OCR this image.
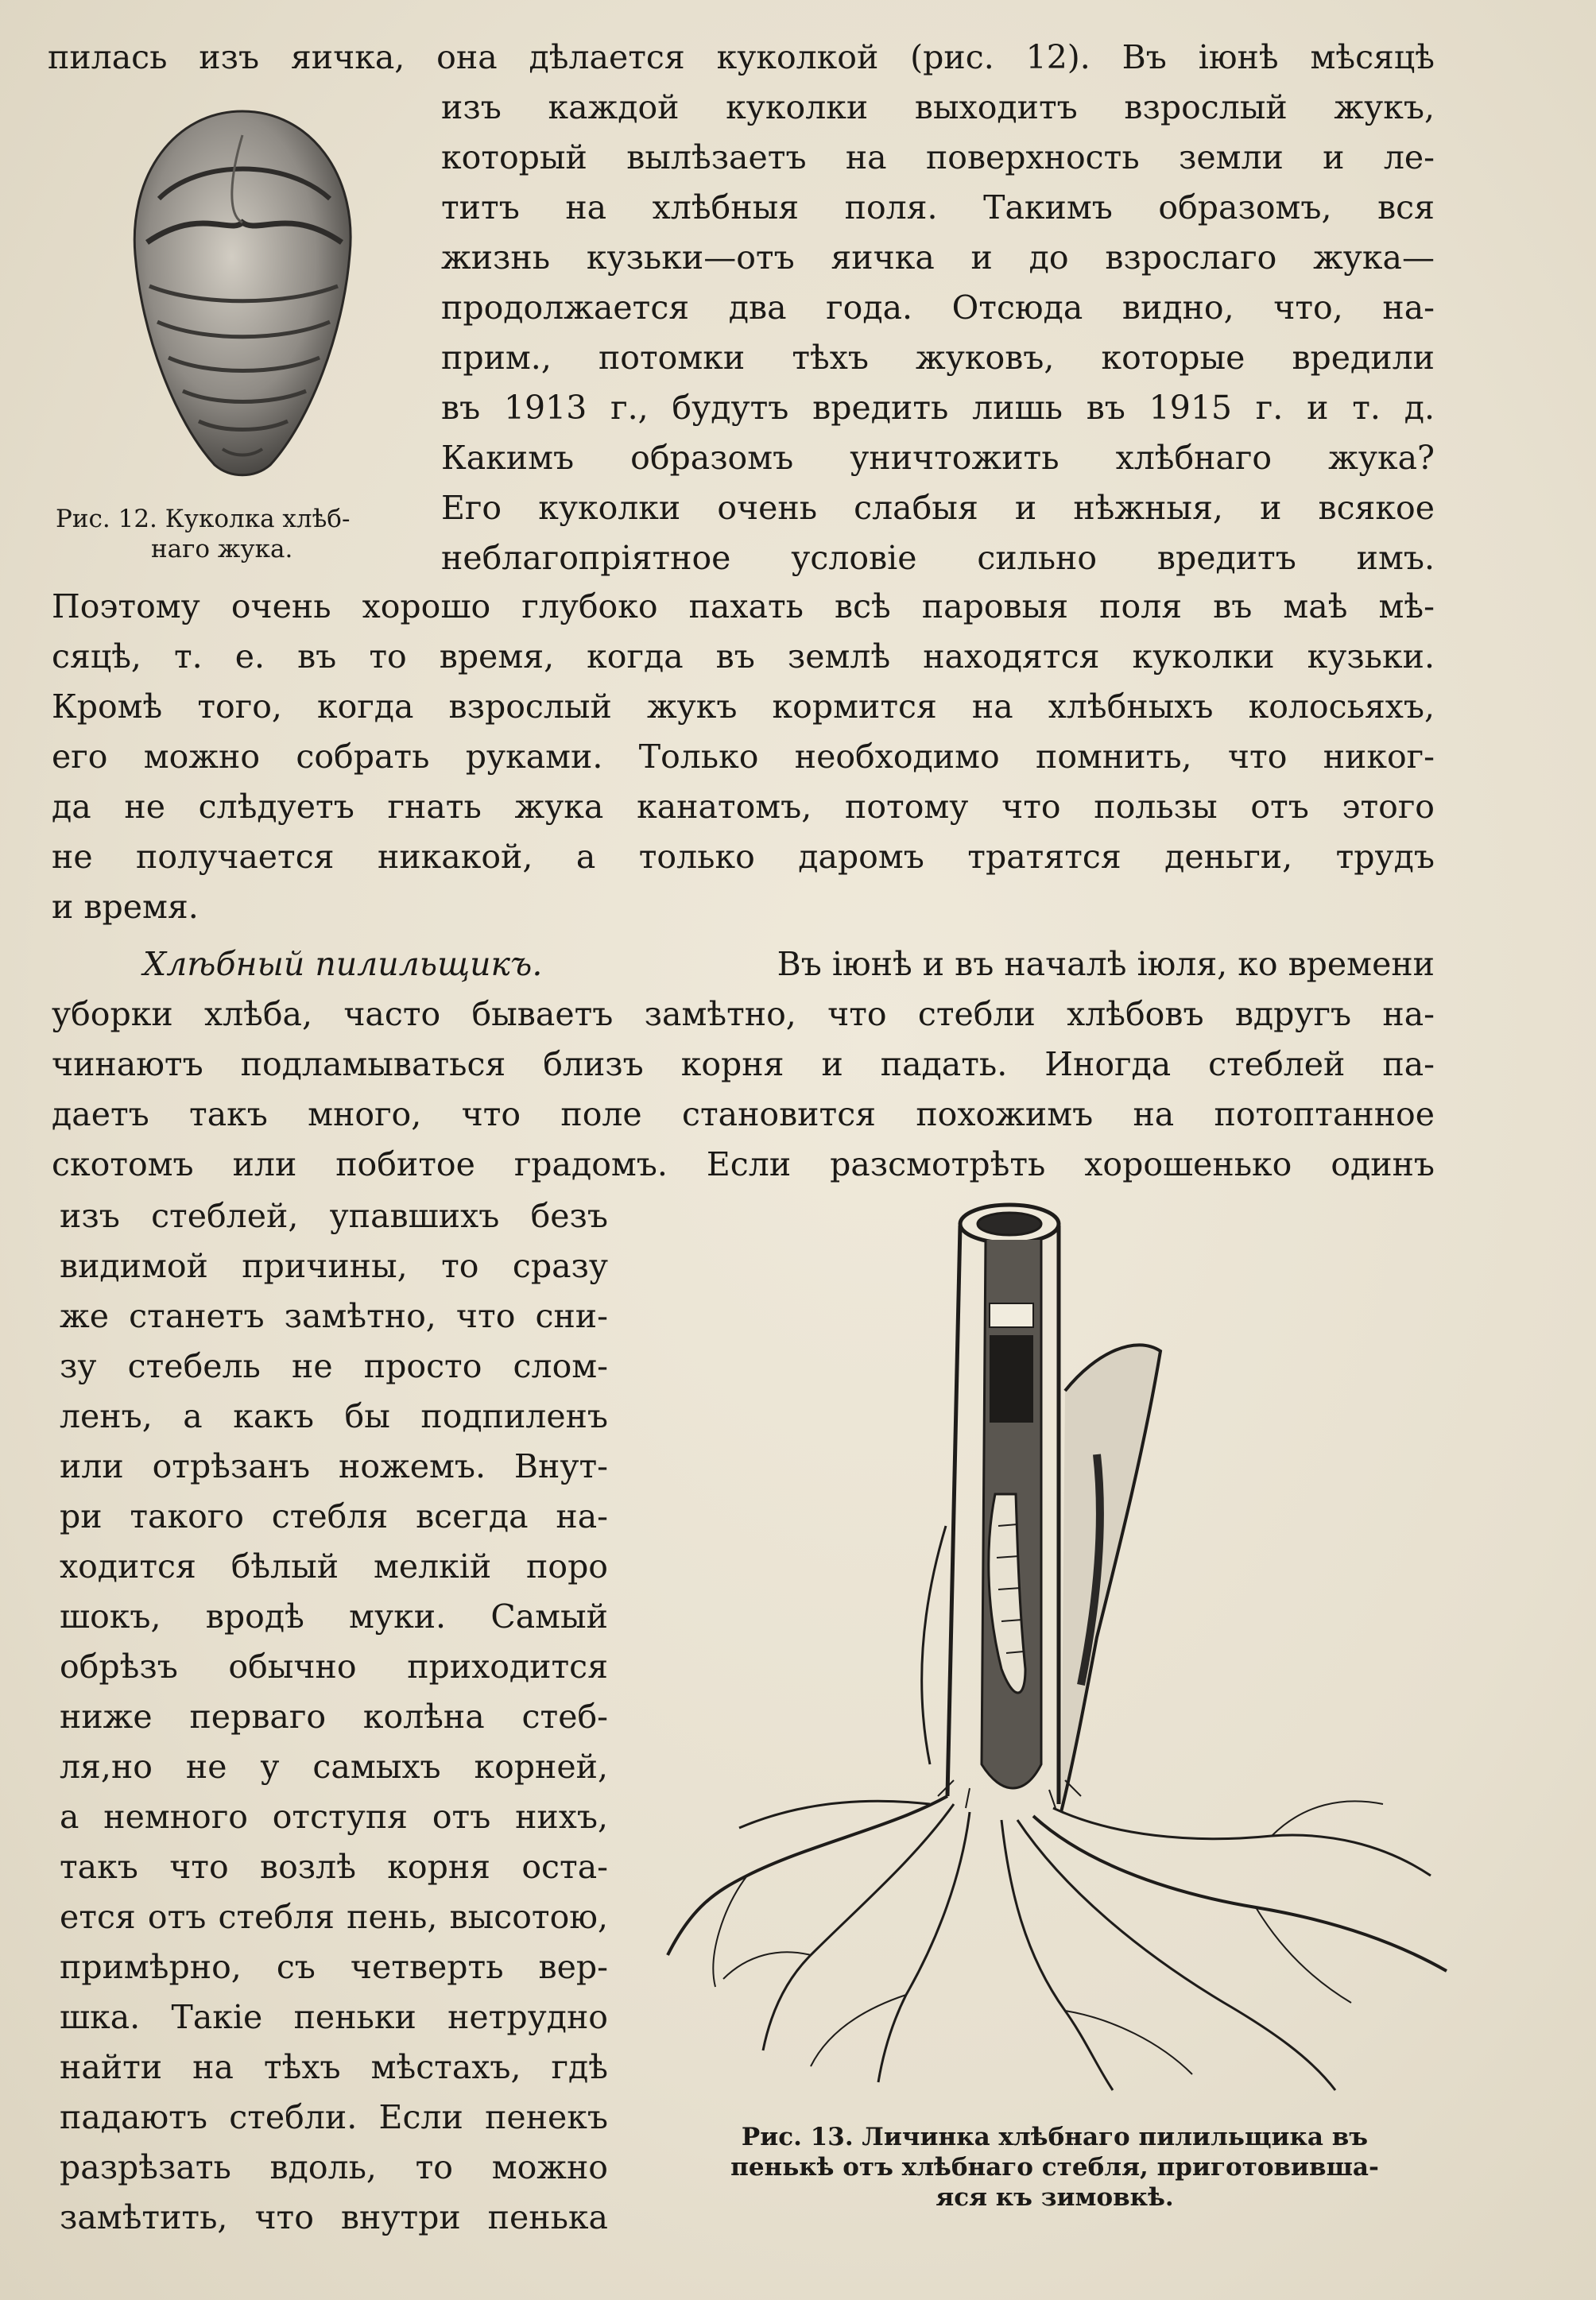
Рис. 12. Куколка хлѣб-
наго жука.
пилась изъ яичка, она дѣлается куколкой (рис. 12). Въ іюнѣ мѣсяцѣ
изъ каждой куколки выходитъ взрослый жукъ,
который вылѣзаетъ на поверхность земли и ле-
титъ на хлѣбныя поля. Такимъ образомъ, вся
жизнь кузьки—отъ яичка и до взрослаго жука—
продолжается два года. Отсюда видно, что, на-
прим., потомки тѣхъ жуковъ, которые вредили
въ 1913 г., будутъ вредить лишь въ 1915 г. и т. д.
Какимъ образомъ уничтожить хлѣбнаго жука?
Его куколки очень слабыя и нѣжныя, и всякое
неблагопріятное условіе сильно вредитъ имъ.
Поэтому очень хорошо глубоко пахать всѣ паровыя поля въ маѣ мѣ-
сяцѣ, т. е. въ то время, когда въ землѣ находятся куколки кузьки.
Кромѣ того, когда взрослый жукъ кормится на хлѣбныхъ колосьяхъ,
его можно собрать руками. Только необходимо помнить, что никог-
да не слѣдуетъ гнать жука канатомъ, потому что пользы отъ этого
не получается никакой, а только даромъ тратятся деньги, трудъ
и время.
Хлѣбный пилильщикъ.	Въ іюнѣ и въ началѣ іюля, ко времени
уборки хлѣба, часто бываетъ замѣтно, что стебли хлѣбовъ вдругъ на-
чинаютъ подламываться близъ корня и падать. Иногда стеблей па-
даетъ такъ много, что поле становится похожимъ на потоптанное
скотомъ или побитое градомъ. Если разсмотрѣть хорошенько одинъ
изъ стеблей, упавшихъ безъ
видимой причины, то сразу
же станетъ замѣтно, что сни-
зу стебель не просто слом-
ленъ, а какъ бы подпиленъ
или отрѣзанъ ножемъ. Внут-
ри такого стебля всегда на-
ходится бѣлый мелкій поро
шокъ, вродѣ муки. Самый
обрѣзъ обычно приходится
ниже перваго колѣна стеб-
ля,но не у самыхъ корней,
а немного отступя отъ нихъ,
такъ что возлѣ корня оста-
ется отъ стебля пень, высотою,
примѣрно, съ четверть вер-
шка. Такіе пеньки нетрудно
найти на тѣхъ мѣстахъ, гдѣ
падаютъ стебли. Если пенекъ
разрѣзать вдоль, то можно
замѣтить, что внутри пенька
Рис. 13. Личинка хлѣбнаго пилильщика въ
пенькѣ отъ хлѣбнаго стебля, приготовивша-
яся къ зимовкѣ.
